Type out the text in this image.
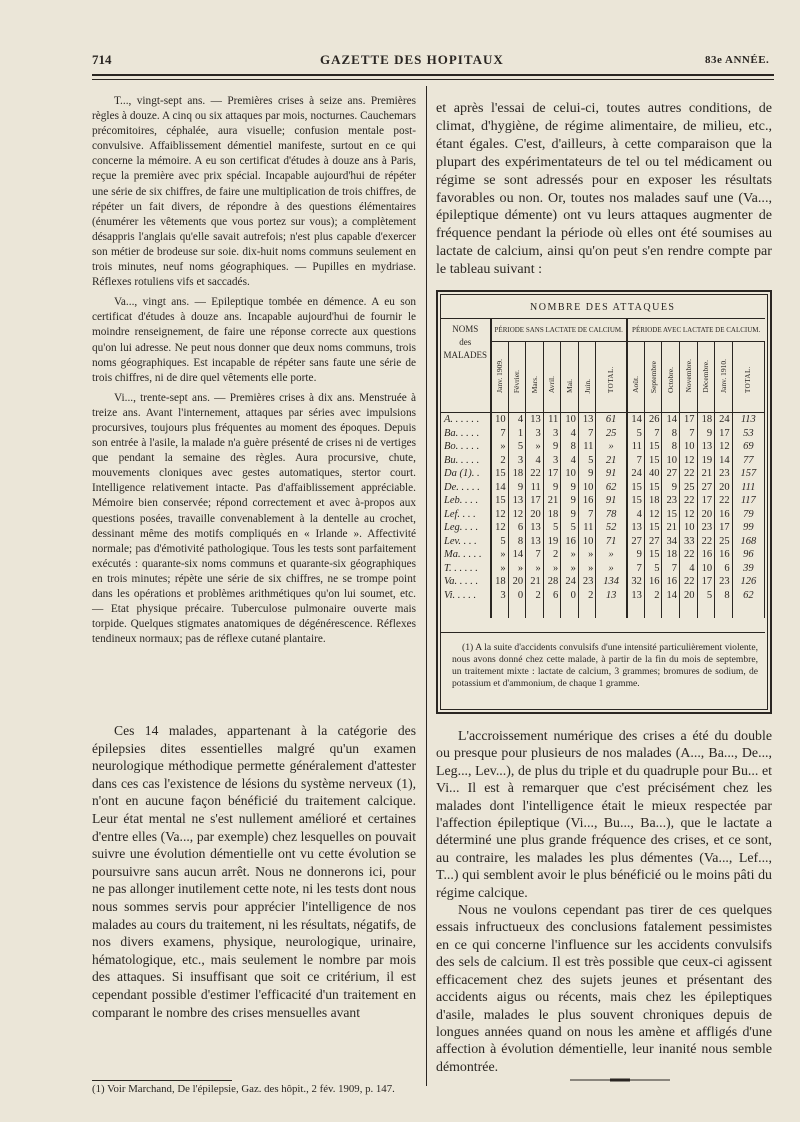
714	GAZETTE DES HOPITAUX	83e ANNÉE.

T..., vingt-sept ans. — Premières crises à seize ans. Premières règles à douze. A cinq ou six attaques par mois, nocturnes. Cauchemars précomitoires, céphalée, aura visuelle; confusion mentale post-convulsive. Affaiblissement démentiel manifeste, surtout en ce qui concerne la mémoire. A eu son certificat d'études à douze ans à Paris, reçue la première avec prix spécial. Incapable aujourd'hui de répéter une série de six chiffres, de faire une multiplication de trois chiffres, de répéter un fait divers, de répondre à des questions élémentaires (énumérer les vêtements que vous portez sur vous); a complètement désappris l'anglais qu'elle savait autrefois; n'est plus capable d'exercer son métier de brodeuse sur soie. dix-huit noms communs seulement en trois minutes, neuf noms géographiques. — Pupilles en mydriase. Réflexes rotuliens vifs et saccadés.

Va..., vingt ans. — Epileptique tombée en démence. A eu son certificat d'études à douze ans. Incapable aujourd'hui de fournir le moindre renseignement, de faire une réponse correcte aux questions qu'on lui adresse. Ne peut nous donner que deux noms communs, trois noms géographiques. Est incapable de répéter sans faute une série de trois chiffres, ni de dire quel vêtements elle porte.

Vi..., trente-sept ans. — Premières crises à dix ans. Menstruée à treize ans. Avant l'internement, attaques par séries avec impulsions procursives, toujours plus fréquentes au moment des époques. Depuis son entrée à l'asile, la malade n'a guère présenté de crises ni de vertiges que pendant la semaine des règles. Aura procursive, chute, mouvements cloniques avec gestes automatiques, stertor court. Intelligence relativement intacte. Pas d'affaiblissement appréciable. Mémoire bien conservée; répond correctement et avec à-propos aux questions posées, travaille convenablement à la dentelle au crochet, dessinant même des motifs compliqués en « Irlande ». Affectivité normale; pas d'émotivité pathologique. Tous les tests sont parfaitement exécutés : quarante-six noms communs et quarante-six géographiques en trois minutes; répète une série de six chiffres, ne se trompe point dans les opérations et problèmes arithmétiques qu'on lui soumet, etc. — Etat physique précaire. Tuberculose pulmonaire ouverte mais torpide. Quelques stigmates anatomiques de dégénérescence. Réflexes tendineux normaux; pas de réflexe cutané plantaire.

Ces 14 malades, appartenant à la catégorie des épilepsies dites essentielles malgré qu'un examen neurologique méthodique permette généralement d'attester dans ces cas l'existence de lésions du système nerveux (1), n'ont en aucune façon bénéficié du traitement calcique. Leur état mental ne s'est nullement amélioré et certaines d'entre elles (Va..., par exemple) chez lesquelles on pouvait suivre une évolution démentielle ont vu cette évolution se poursuivre sans aucun arrêt. Nous ne donnerons ici, pour ne pas allonger inutilement cette note, ni les tests dont nous nous sommes servis pour apprécier l'intelligence de nos malades au cours du traitement, ni les résultats, négatifs, de nos divers examens, physique, neurologique, urinaire, hématologique, etc., mais seulement le nombre par mois des attaques. Si insuffisant que soit ce critérium, il est cependant possible d'estimer l'efficacité d'un traitement en comparant le nombre des crises mensuelles avant

(1) Voir Marchand, De l'épilepsie, Gaz. des hôpit., 2 fév. 1909, p. 147.

et après l'essai de celui-ci, toutes autres conditions, de climat, d'hygiène, de régime alimentaire, de milieu, etc., étant égales. C'est, d'ailleurs, à cette comparaison que la plupart des expérimentateurs de tel ou tel médicament ou régime se sont adressés pour en exposer les résultats favorables ou non. Or, toutes nos malades sauf une (Va..., épileptique démente) ont vu leurs attaques augmenter de fréquence pendant la période où elles ont été soumises au lactate de calcium, ainsi qu'on peut s'en rendre compte par le tableau suivant :

NOMBRE DES ATTAQUES														

NOMS
des
MALADES	PÉRIODE SANS LACTATE DE CALCIUM.							PÉRIODE AVEC LACTATE DE CALCIUM.						
	Janv. 1909.	Février.	Mars.	Avril.	Mai.	Juin.	TOTAL.	Août.	Septembre	Octobre.	Novembre.	Décembre.	Janv. 1910.	TOTAL.

A. . . . . .	10	4	13	11	10	13	61	14	26	14	17	18	24	113
Ba. . . . .	7	1	3	3	4	7	25	5	7	8	7	9	17	53
Bo. . . . .	»	5	»	9	8	11	»	11	15	8	10	13	12	69
Bu. . . . .	2	3	4	3	4	5	21	7	15	10	12	19	14	77
Da (1). .	15	18	22	17	10	9	91	24	40	27	22	21	23	157
De. . . . .	14	9	11	9	9	10	62	15	15	9	25	27	20	111
Leb. . . .	15	13	17	21	9	16	91	15	18	23	22	17	22	117
Lef. . . .	12	12	20	18	9	7	78	4	12	15	12	20	16	79
Leg. . . .	12	6	13	5	5	11	52	13	15	21	10	23	17	99
Lev. . . .	5	8	13	19	16	10	71	27	27	34	33	22	25	168
Ma. . . . .	»	14	7	2	»	»	»	9	15	18	22	16	16	96
T. . . . . .	»	»	»	»	»	»	»	7	5	7	4	10	6	39
Va. . . . .	18	20	21	28	24	23	134	32	16	16	22	17	23	126
Vi. . . . .	3	0	2	6	0	2	13	13	2	14	20	5	8	62

(1) A la suite d'accidents convulsifs d'une intensité particulièrement violente, nous avons donné chez cette malade, à partir de la fin du mois de septembre, un traitement mixte : lactate de calcium, 3 grammes; bromures de sodium, de potassium et d'ammonium, de chaque 1 gramme.

L'accroissement numérique des crises a été du double ou presque pour plusieurs de nos malades (A..., Ba..., De..., Leg..., Lev...), de plus du triple et du quadruple pour Bu... et Vi... Il est à remarquer que c'est précisément chez les malades dont l'intelligence était le mieux respectée par l'affection épileptique (Vi..., Bu..., Ba...), que le lactate a déterminé une plus grande fréquence des crises, et ce sont, au contraire, les malades les plus démentes (Va..., Lef..., T...) qui semblent avoir le plus bénéficié ou le moins pâti du régime calcique.

Nous ne voulons cependant pas tirer de ces quelques essais infructueux des conclusions fatalement pessimistes en ce qui concerne l'influence sur les accidents convulsifs des sels de calcium. Il est très possible que ceux-ci agissent efficacement chez des sujets jeunes et présentant des accidents aigus ou récents, mais chez les épileptiques d'asile, malades le plus souvent chroniques depuis de longues années quand on nous les amène et affligés d'une affection à évolution démentielle, leur inanité nous semble démontrée.
